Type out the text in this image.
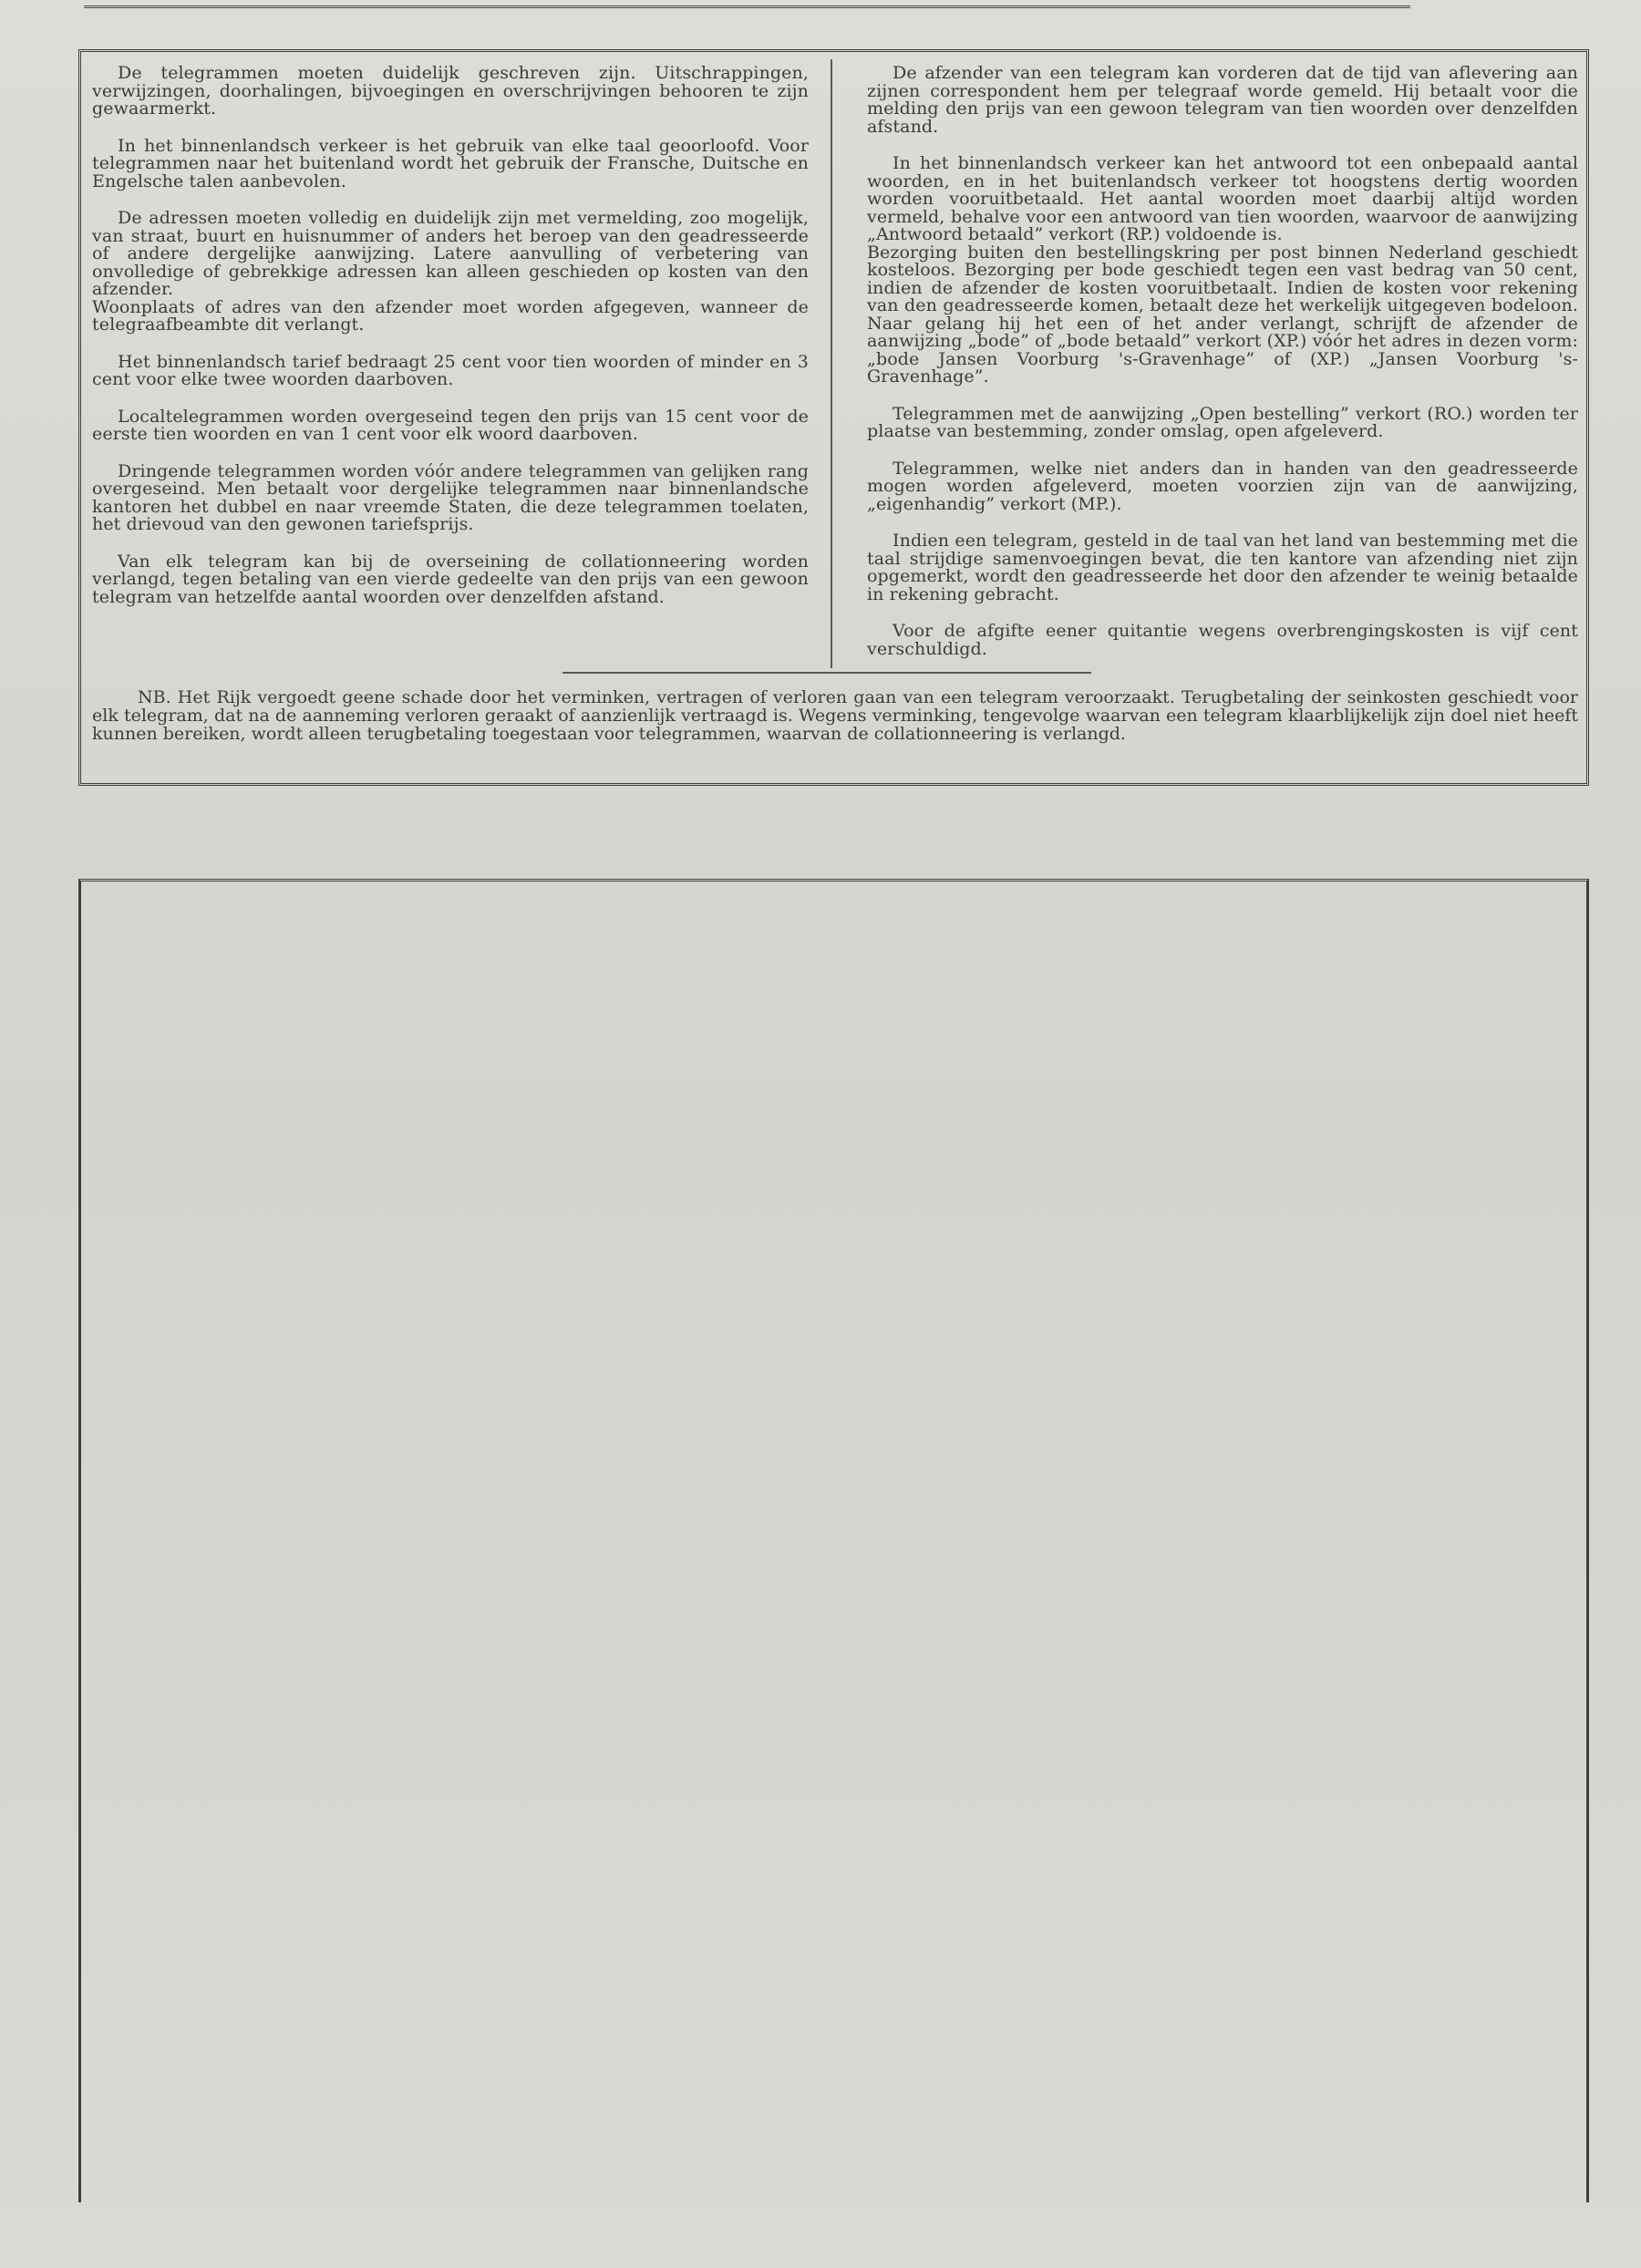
De telegrammen moeten duidelijk geschreven zijn. Uitschrappingen, verwijzingen, doorhalingen, bijvoegingen en overschrijvingen behooren te zijn gewaarmerkt.

In het binnenlandsch verkeer is het gebruik van elke taal geoorloofd. Voor telegrammen naar het buitenland wordt het gebruik der Fransche, Duitsche en Engelsche talen aanbevolen.

De adressen moeten volledig en duidelijk zijn met vermelding, zoo mogelijk, van straat, buurt en huisnummer of anders het beroep van den geadresseerde of andere dergelijke aanwijzing. Latere aanvulling of verbetering van onvolledige of gebrekkige adressen kan alleen geschieden op kosten van den afzender.

Woonplaats of adres van den afzender moet worden afgegeven, wanneer de telegraafbeambte dit verlangt.

Het binnenlandsch tarief bedraagt 25 cent voor tien woorden of minder en 3 cent voor elke twee woorden daarboven.

Localtelegrammen worden overgeseind tegen den prijs van 15 cent voor de eerste tien woorden en van 1 cent voor elk woord daarboven.

Dringende telegrammen worden vóór andere telegrammen van gelijken rang overgeseind. Men betaalt voor dergelijke telegrammen naar binnenlandsche kantoren het dubbel en naar vreemde Staten, die deze telegrammen toelaten, het drievoud van den gewonen tariefsprijs.

Van elk telegram kan bij de overseining de collationneering worden verlangd, tegen betaling van een vierde gedeelte van den prijs van een gewoon telegram van hetzelfde aantal woorden over denzelfden afstand.

De afzender van een telegram kan vorderen dat de tijd van aflevering aan zijnen correspondent hem per telegraaf worde gemeld. Hij betaalt voor die melding den prijs van een gewoon telegram van tien woorden over denzelfden afstand.

In het binnenlandsch verkeer kan het antwoord tot een onbepaald aantal woorden, en in het buitenlandsch verkeer tot hoogstens dertig woorden worden vooruitbetaald. Het aantal woorden moet daarbij altijd worden vermeld, behalve voor een antwoord van tien woorden, waarvoor de aanwijzing „Antwoord betaald” verkort (RP.) voldoende is.

Bezorging buiten den bestellingskring per post binnen Nederland geschiedt kosteloos. Bezorging per bode geschiedt tegen een vast bedrag van 50 cent, indien de afzender de kosten vooruitbetaalt. Indien de kosten voor rekening van den geadresseerde komen, betaalt deze het werkelijk uitgegeven bodeloon. Naar gelang hij het een of het ander verlangt, schrijft de afzender de aanwijzing „bode” of „bode betaald” verkort (XP.) vóór het adres in dezen vorm: „bode Jansen Voorburg 's-Gravenhage” of (XP.) „Jansen Voorburg 's-Gravenhage”.

Telegrammen met de aanwijzing „Open bestelling” verkort (RO.) worden ter plaatse van bestemming, zonder omslag, open afgeleverd.

Telegrammen, welke niet anders dan in handen van den geadresseerde mogen worden afgeleverd, moeten voorzien zijn van de aanwijzing, „eigenhandig” verkort (MP.).

Indien een telegram, gesteld in de taal van het land van bestemming met die taal strijdige samenvoegingen bevat, die ten kantore van afzending niet zijn opgemerkt, wordt den geadresseerde het door den afzender te weinig betaalde in rekening gebracht.

Voor de afgifte eener quitantie wegens overbrengingskosten is vijf cent verschuldigd.

NB. Het Rijk vergoedt geene schade door het verminken, vertragen of verloren gaan van een telegram veroorzaakt. Terugbetaling der seinkosten geschiedt voor elk telegram, dat na de aanneming verloren geraakt of aanzienlijk vertraagd is. Wegens verminking, tengevolge waarvan een telegram klaarblijkelijk zijn doel niet heeft kunnen bereiken, wordt alleen terugbetaling toegestaan voor telegrammen, waarvan de collationneering is verlangd.
